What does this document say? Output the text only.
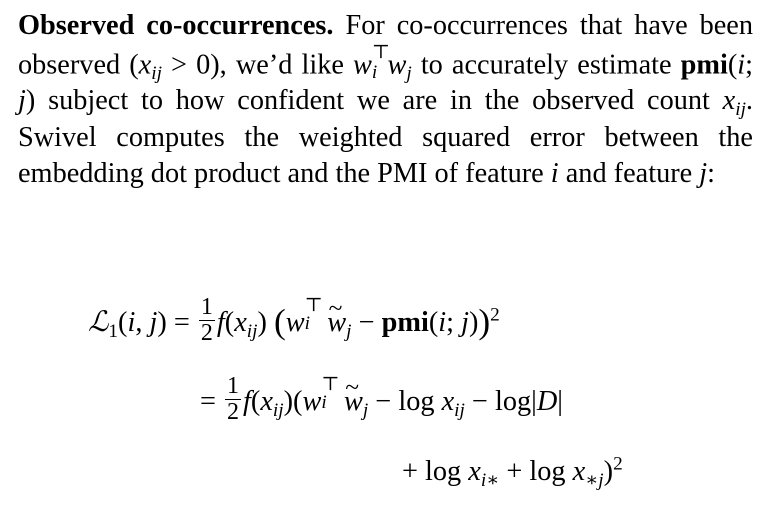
Observed co-occurrences. For co-occurrences that have been observed $(x_{ij} > 0)$, we’d like w ⊤
i $w_j$ to accurately estimate pmi(i; j) subject to how confident we are in the observed count $x_{ij}$. Swivel computes the weighted squared error between the embedding dot product and the PMI of feature i and feature j:

ℒ$_1$(i, $j) = \frac{1}{2} f(x_{ij})$ (w
⊤
i ~ $w_j - pmi(i$; j))$^2$
= $\frac{1}{2} f(x_{ij})(w$
⊤
i ~ $w_j - \log x_{ij} - \log|D|$
+ $\log x_{i∗} + \log x_{∗j})^2$
